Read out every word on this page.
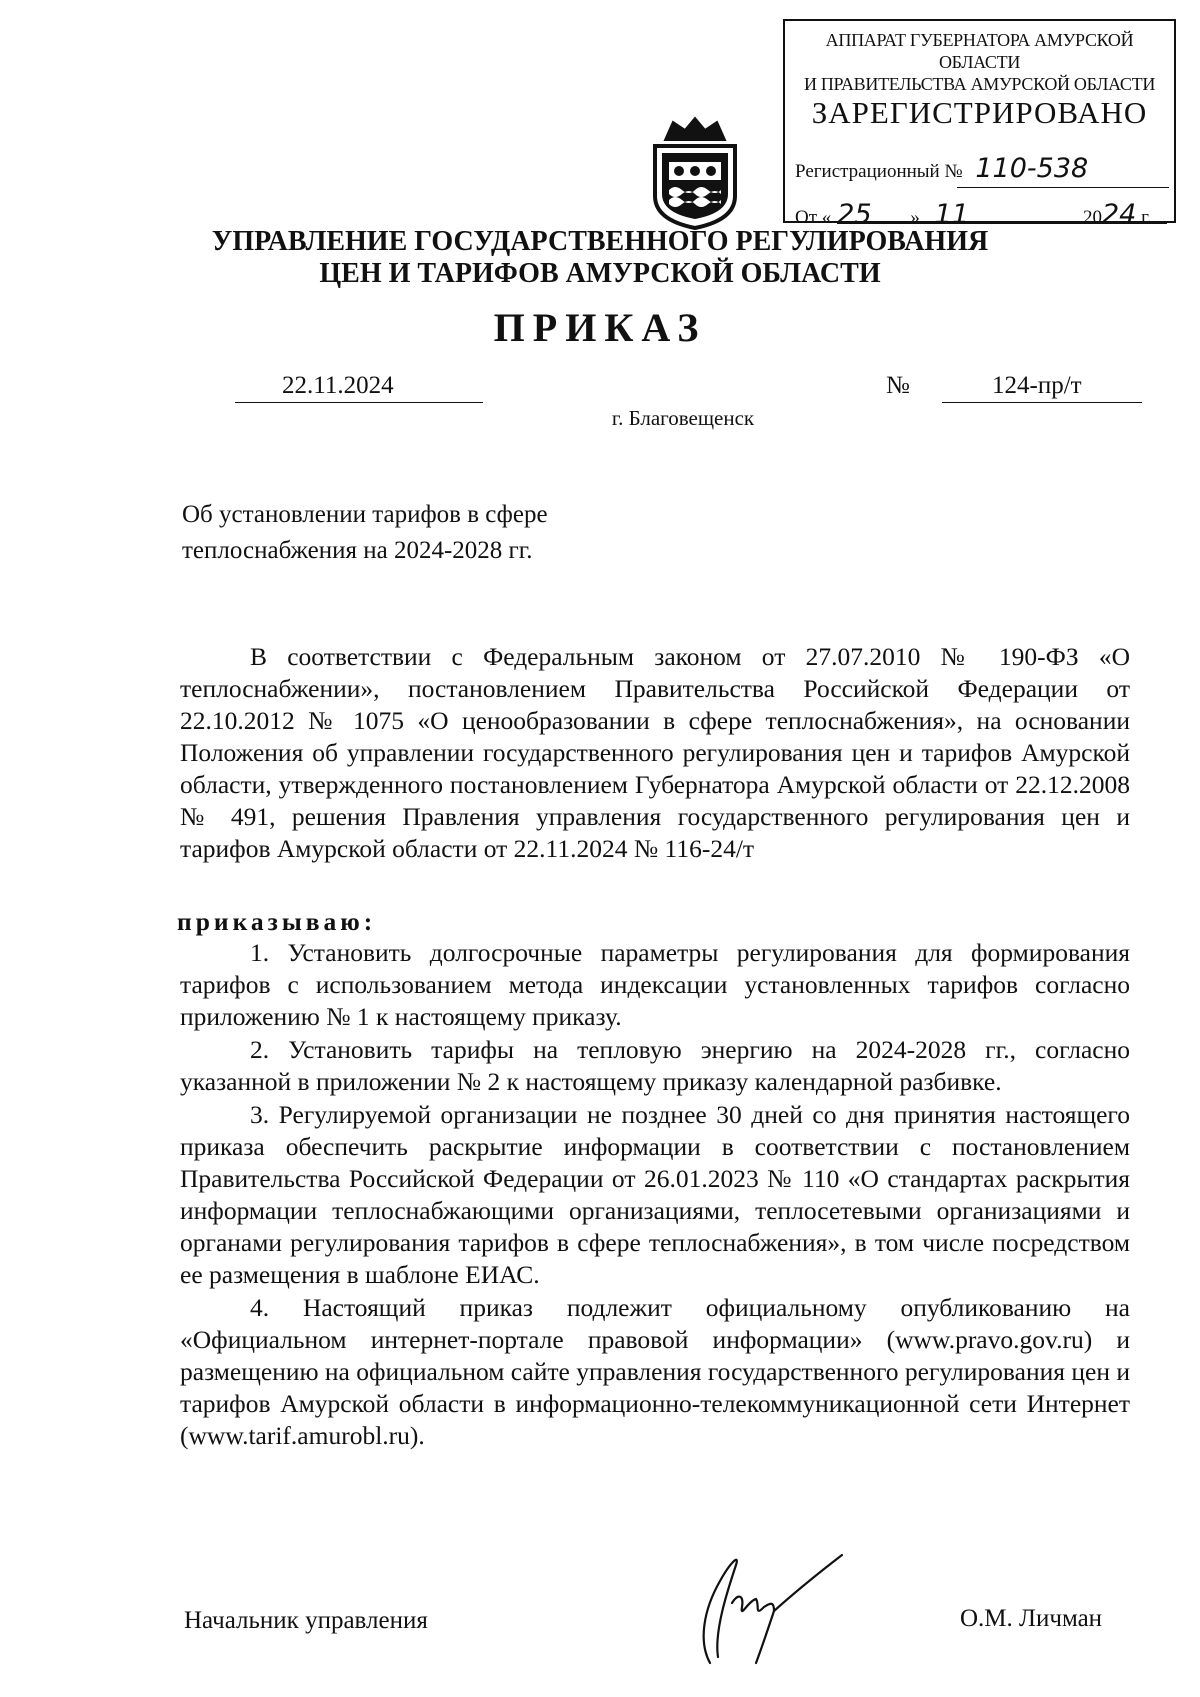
АППАРАТ ГУБЕРНАТОРА АМУРСКОЙ ОБЛАСТИ
И ПРАВИТЕЛЬСТВА АМУРСКОЙ ОБЛАСТИ
ЗАРЕГИСТРИРОВАНО
Регистрационный № 110-538
От « 25 » 11	2024 г.
УПРАВЛЕНИЕ ГОСУДАРСТВЕННОГО РЕГУЛИРОВАНИЯ
ЦЕН И ТАРИФОВ АМУРСКОЙ ОБЛАСТИ
ПРИКАЗ
22.11.2024	№	124-пр/т
г. Благовещенск
Об установлении тарифов в сфере
теплоснабжения на 2024-2028 гг.
В соответствии с Федеральным законом от 27.07.2010 № 190-ФЗ «О теплоснабжении», постановлением Правительства Российской Федерации от 22.10.2012 № 1075 «О ценообразовании в сфере теплоснабжения», на основании Положения об управлении государственного регулирования цен и тарифов Амурской области, утвержденного постановлением Губернатора Амурской области от 22.12.2008 № 491, решения Правления управления государственного регулирования цен и тарифов Амурской области от 22.11.2024 № 116-24/т
приказываю:
1. Установить долгосрочные параметры регулирования для формирования тарифов с использованием метода индексации установленных тарифов согласно приложению № 1 к настоящему приказу.
2. Установить тарифы на тепловую энергию на 2024-2028 гг., согласно указанной в приложении № 2 к настоящему приказу календарной разбивке.
3. Регулируемой организации не позднее 30 дней со дня принятия настоящего приказа обеспечить раскрытие информации в соответствии с постановлением Правительства Российской Федерации от 26.01.2023 № 110 «О стандартах раскрытия информации теплоснабжающими организациями, теплосетевыми организациями и органами регулирования тарифов в сфере теплоснабжения», в том числе посредством ее размещения в шаблоне ЕИАС.
4. Настоящий приказ подлежит официальному опубликованию на «Официальном интернет-портале правовой информации» (www.pravo.gov.ru) и размещению на официальном сайте управления государственного регулирования цен и тарифов Амурской области в информационно-телекоммуникационной сети Интернет (www.tarif.amurobl.ru).
Начальник управления	О.М. Личман
